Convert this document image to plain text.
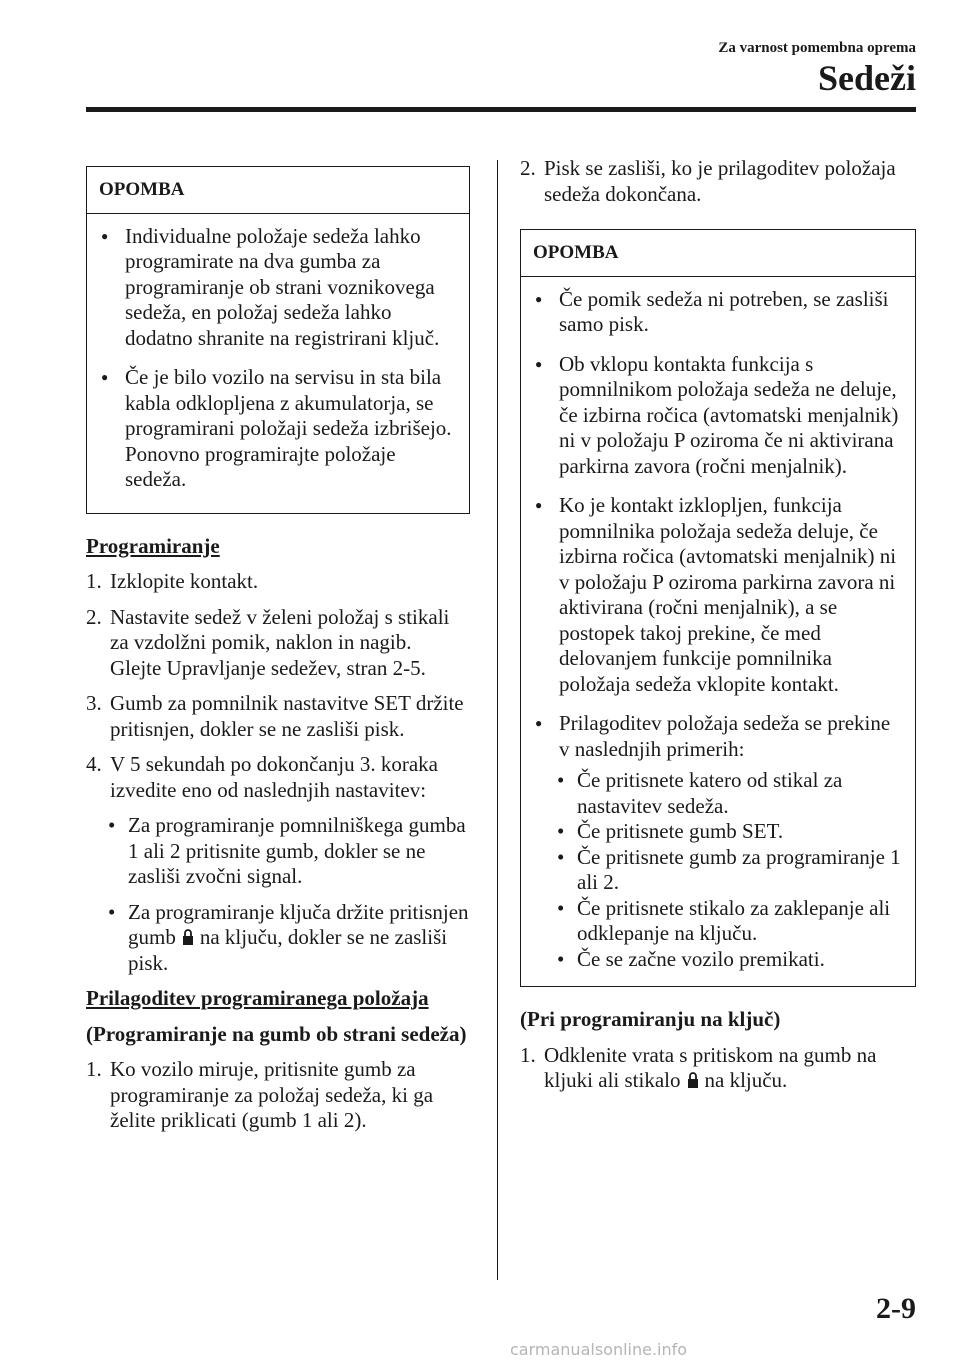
Za varnost pomembna oprema
Sedeži
OPOMBA
● Individualne položaje sedeža lahko programirate na dva gumba za programiranje ob strani voznikovega sedeža, en položaj sedeža lahko dodatno shranite na registrirani ključ.
● Če je bilo vozilo na servisu in sta bila kabla odklopljena z akumulatorja, se programirani položaji sedeža izbrišejo. Ponovno programirajte položaje sedeža.
Programiranje
1. Izklopite kontakt.
2. Nastavite sedež v želeni položaj s stikali za vzdolžni pomik, naklon in nagib.
Glejte Upravljanje sedežev, stran 2-5.
3. Gumb za pomnilnik nastavitve SET držite pritisnjen, dokler se ne zasliši pisk.
4. V 5 sekundah po dokončanju 3. koraka izvedite eno od naslednjih nastavitev:
• Za programiranje pomnilniškega gumba 1 ali 2 pritisnite gumb, dokler se ne zasliši zvočni signal.
• Za programiranje ključa držite pritisnjen gumb na ključu, dokler se ne zasliši pisk.
Prilagoditev programiranega položaja
(Programiranje na gumb ob strani sedeža)
1. Ko vozilo miruje, pritisnite gumb za programiranje za položaj sedeža, ki ga želite priklicati (gumb 1 ali 2).
2. Pisk se zasliši, ko je prilagoditev položaja sedeža dokončana.
OPOMBA
● Če pomik sedeža ni potreben, se zasliši samo pisk.
● Ob vklopu kontakta funkcija s pomnilnikom položaja sedeža ne deluje, če izbirna ročica (avtomatski menjalnik) ni v položaju P oziroma če ni aktivirana parkirna zavora (ročni menjalnik).
● Ko je kontakt izklopljen, funkcija pomnilnika položaja sedeža deluje, če izbirna ročica (avtomatski menjalnik) ni v položaju P oziroma parkirna zavora ni aktivirana (ročni menjalnik), a se postopek takoj prekine, če med delovanjem funkcije pomnilnika položaja sedeža vklopite kontakt.
● Prilagoditev položaja sedeža se prekine v naslednjih primerih:
• Če pritisnete katero od stikal za nastavitev sedeža.
• Če pritisnete gumb SET.
• Če pritisnete gumb za programiranje 1 ali 2.
• Če pritisnete stikalo za zaklepanje ali odklepanje na ključu.
• Če se začne vozilo premikati.
(Pri programiranju na ključ)
1. Odklenite vrata s pritiskom na gumb na kljuki ali stikalo na ključu.
2-9
carmanualsonline.info
